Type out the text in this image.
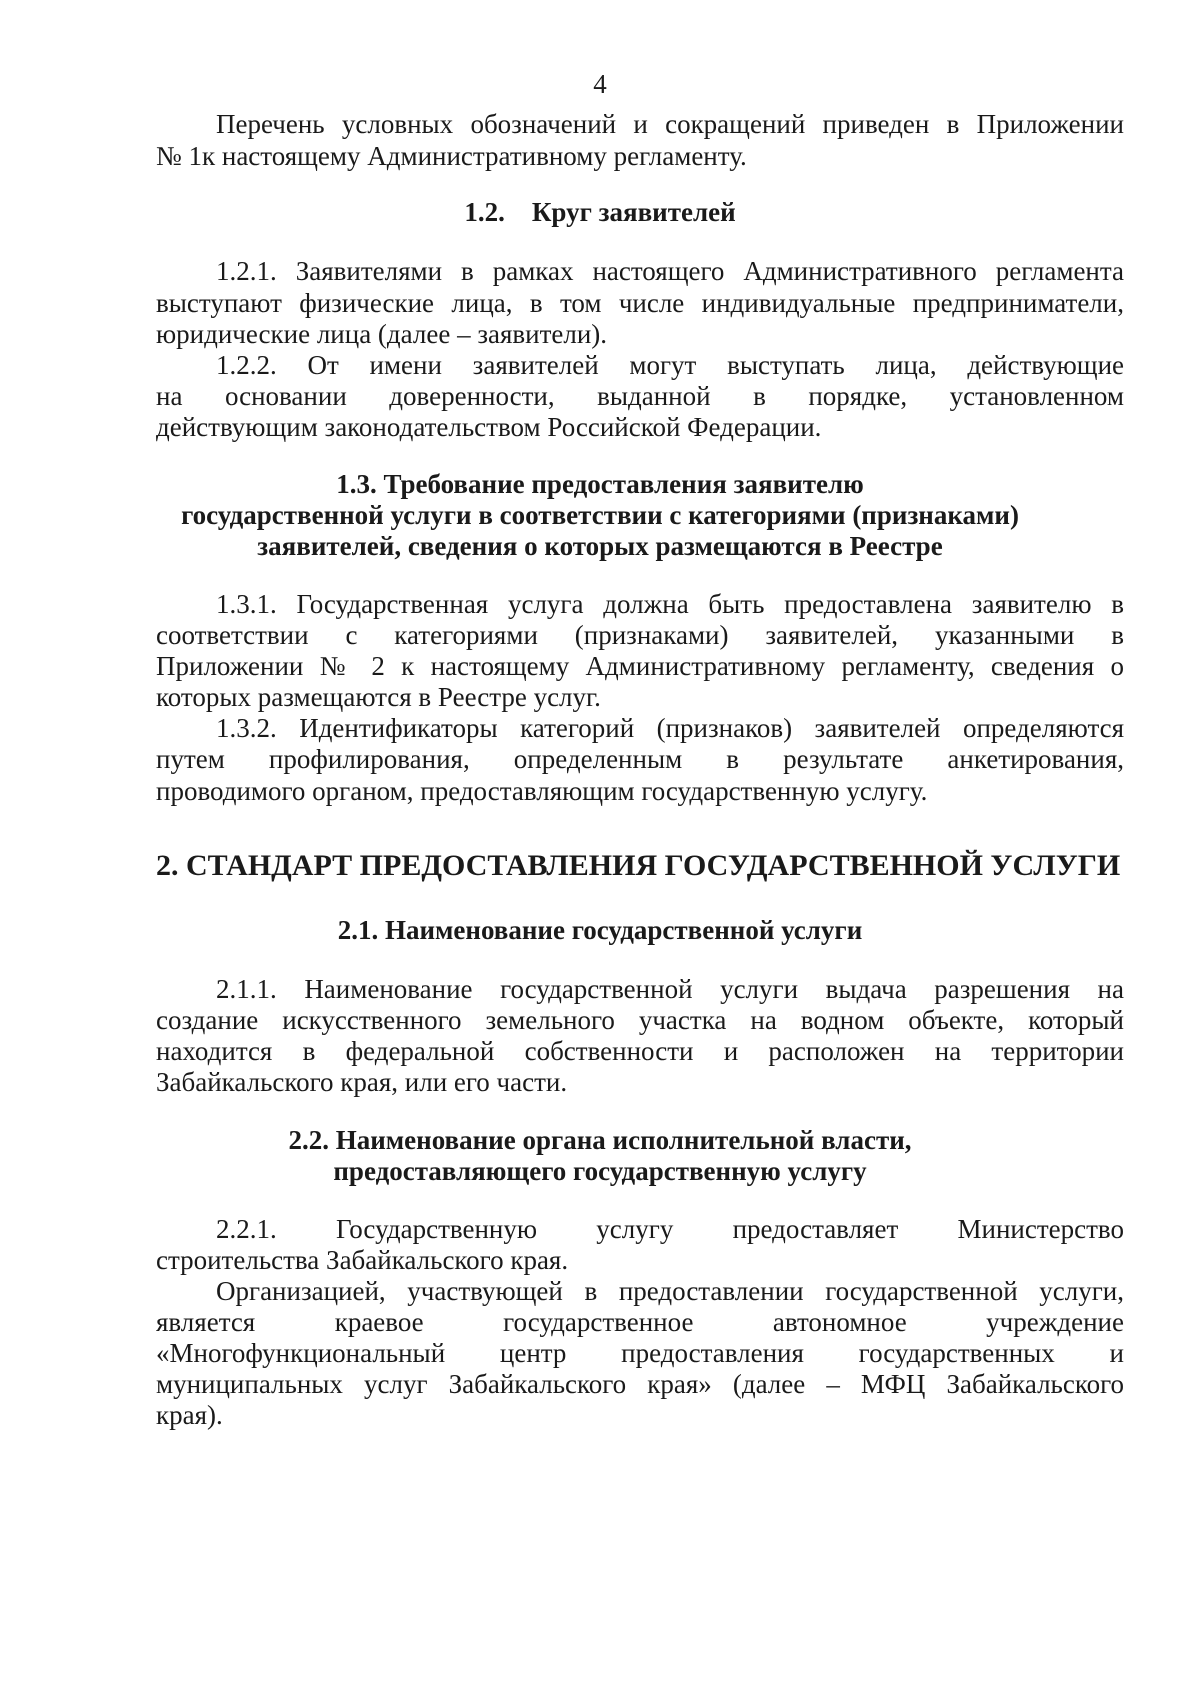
4
Перечень условных обозначений и сокращений приведен в Приложении
№ 1к настоящему Административному регламенту.
1.2.    Круг заявителей
1.2.1. Заявителями в рамках настоящего Административного регламента
выступают физические лица, в том числе индивидуальные предприниматели,
юридические лица (далее – заявители).
1.2.2. От имени заявителей могут выступать лица, действующие
на основании доверенности, выданной в порядке, установленном
действующим законодательством Российской Федерации.
1.3. Требование предоставления заявителю
государственной услуги в соответствии с категориями (признаками)
заявителей, сведения о которых размещаются в Реестре
1.3.1. Государственная услуга должна быть предоставлена заявителю в
соответствии с категориями (признаками) заявителей, указанными в
Приложении № 2 к настоящему Административному регламенту, сведения о
которых размещаются в Реестре услуг.
1.3.2. Идентификаторы категорий (признаков) заявителей определяются
путем профилирования, определенным в результате анкетирования,
проводимого органом, предоставляющим государственную услугу.
2. СТАНДАРТ ПРЕДОСТАВЛЕНИЯ ГОСУДАРСТВЕННОЙ УСЛУГИ
2.1. Наименование государственной услуги
2.1.1. Наименование государственной услуги выдача разрешения на
создание искусственного земельного участка на водном объекте, который
находится в федеральной собственности и расположен на территории
Забайкальского края, или его части.
2.2. Наименование органа исполнительной власти,
предоставляющего государственную услугу
2.2.1. Государственную услугу предоставляет Министерство
строительства Забайкальского края.
Организацией, участвующей в предоставлении государственной услуги,
является краевое государственное автономное учреждение
«Многофункциональный центр предоставления государственных и
муниципальных услуг Забайкальского края» (далее – МФЦ Забайкальского
края).
